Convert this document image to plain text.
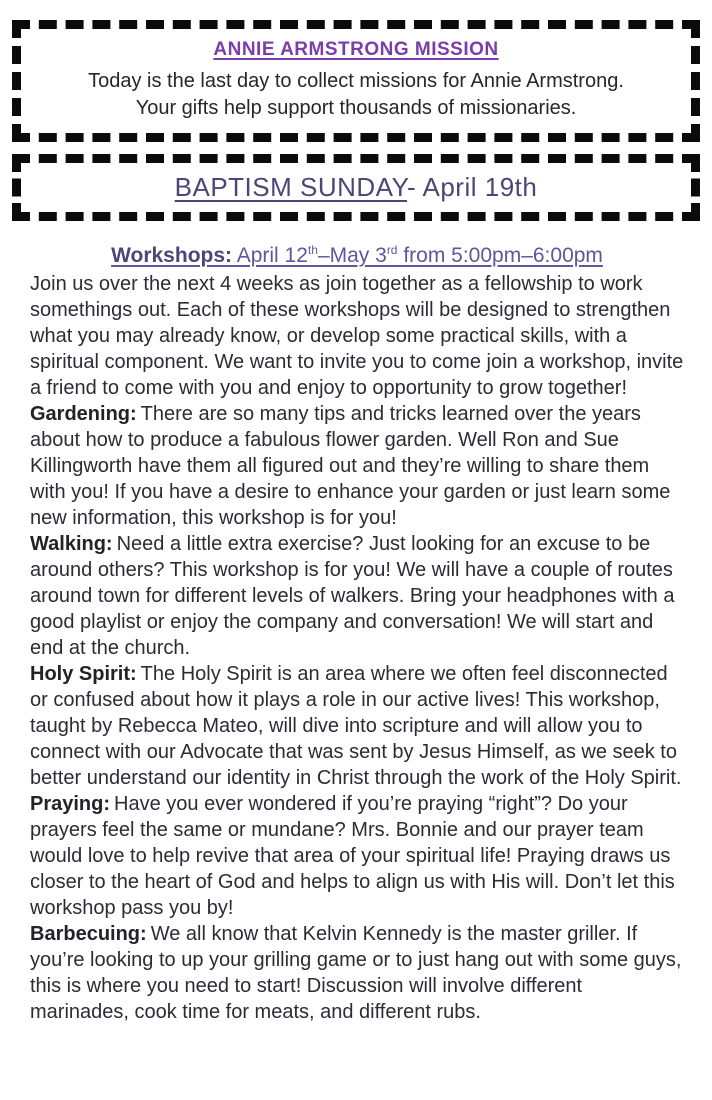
ANNIE ARMSTRONG MISSION
Today is the last day to collect missions for Annie Armstrong.
Your gifts help support thousands of missionaries.
BAPTISM SUNDAY- April 19th
Workshops: April 12th–May 3rd from 5:00pm–6:00pm

Join us over the next 4 weeks as join together as a fellowship to work somethings out. Each of these workshops will be designed to strengthen what you may already know, or develop some practical skills, with a spiritual component. We want to invite you to come join a workshop, invite a friend to come with you and enjoy to opportunity to grow together!

Gardening: There are so many tips and tricks learned over the years about how to produce a fabulous flower garden. Well Ron and Sue Killingworth have them all figured out and they’re willing to share them with you! If you have a desire to enhance your garden or just learn some new information, this workshop is for you!

Walking: Need a little extra exercise? Just looking for an excuse to be around others? This workshop is for you! We will have a couple of routes around town for different levels of walkers. Bring your headphones with a good playlist or enjoy the company and conversation! We will start and end at the church.

Holy Spirit: The Holy Spirit is an area where we often feel disconnected or confused about how it plays a role in our active lives! This workshop, taught by Rebecca Mateo, will dive into scripture and will allow you to connect with our Advocate that was sent by Jesus Himself, as we seek to better understand our identity in Christ through the work of the Holy Spirit.

Praying: Have you ever wondered if you’re praying “right”? Do your prayers feel the same or mundane? Mrs. Bonnie and our prayer team would love to help revive that area of your spiritual life! Praying draws us closer to the heart of God and helps to align us with His will. Don’t let this workshop pass you by!

Barbecuing: We all know that Kelvin Kennedy is the master griller. If you’re looking to up your grilling game or to just hang out with some guys, this is where you need to start! Discussion will involve different marinades, cook time for meats, and different rubs.
